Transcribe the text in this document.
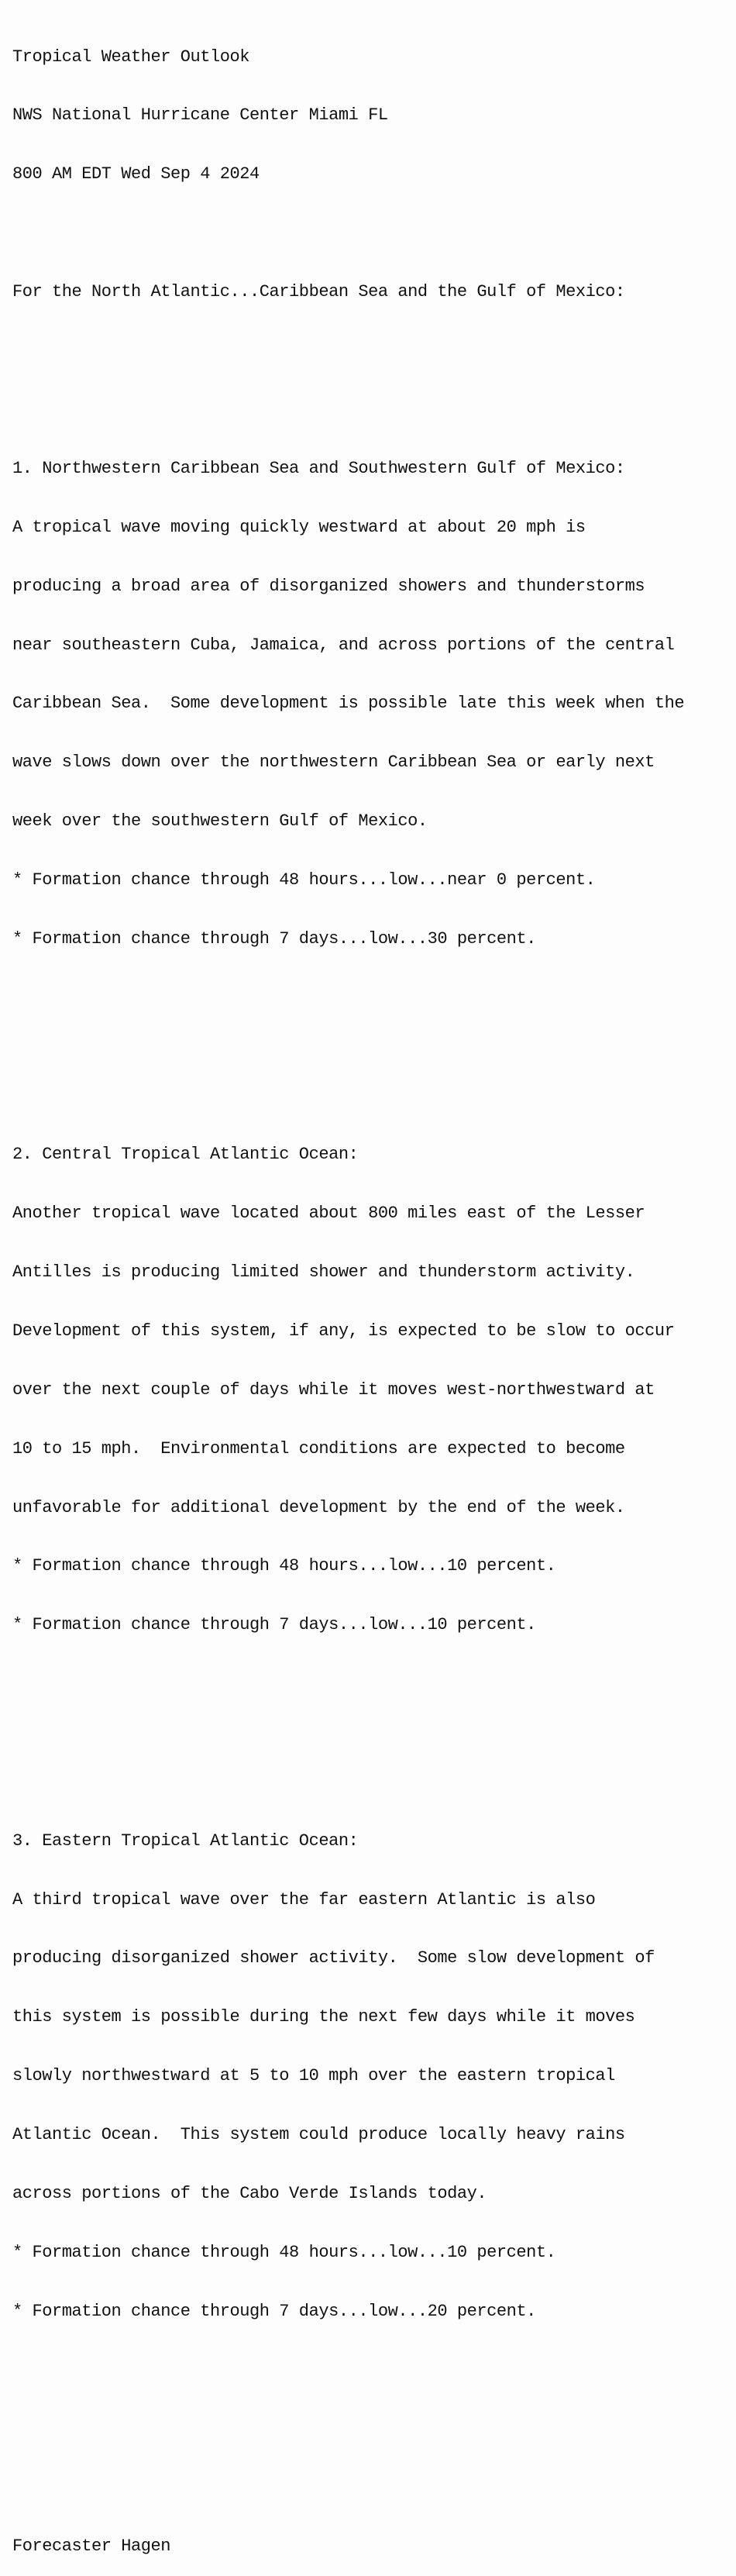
Tropical Weather Outlook

NWS National Hurricane Center Miami FL

800 AM EDT Wed Sep 4 2024

For the North Atlantic...Caribbean Sea and the Gulf of Mexico:

1. Northwestern Caribbean Sea and Southwestern Gulf of Mexico:

A tropical wave moving quickly westward at about 20 mph is

producing a broad area of disorganized showers and thunderstorms

near southeastern Cuba, Jamaica, and across portions of the central

Caribbean Sea.  Some development is possible late this week when the

wave slows down over the northwestern Caribbean Sea or early next

week over the southwestern Gulf of Mexico.

* Formation chance through 48 hours...low...near 0 percent.

* Formation chance through 7 days...low...30 percent.

2. Central Tropical Atlantic Ocean:

Another tropical wave located about 800 miles east of the Lesser

Antilles is producing limited shower and thunderstorm activity.

Development of this system, if any, is expected to be slow to occur

over the next couple of days while it moves west-northwestward at

10 to 15 mph.  Environmental conditions are expected to become

unfavorable for additional development by the end of the week.

* Formation chance through 48 hours...low...10 percent.

* Formation chance through 7 days...low...10 percent.

3. Eastern Tropical Atlantic Ocean:

A third tropical wave over the far eastern Atlantic is also

producing disorganized shower activity.  Some slow development of

this system is possible during the next few days while it moves

slowly northwestward at 5 to 10 mph over the eastern tropical

Atlantic Ocean.  This system could produce locally heavy rains

across portions of the Cabo Verde Islands today.

* Formation chance through 48 hours...low...10 percent.

* Formation chance through 7 days...low...20 percent.

Forecaster Hagen
